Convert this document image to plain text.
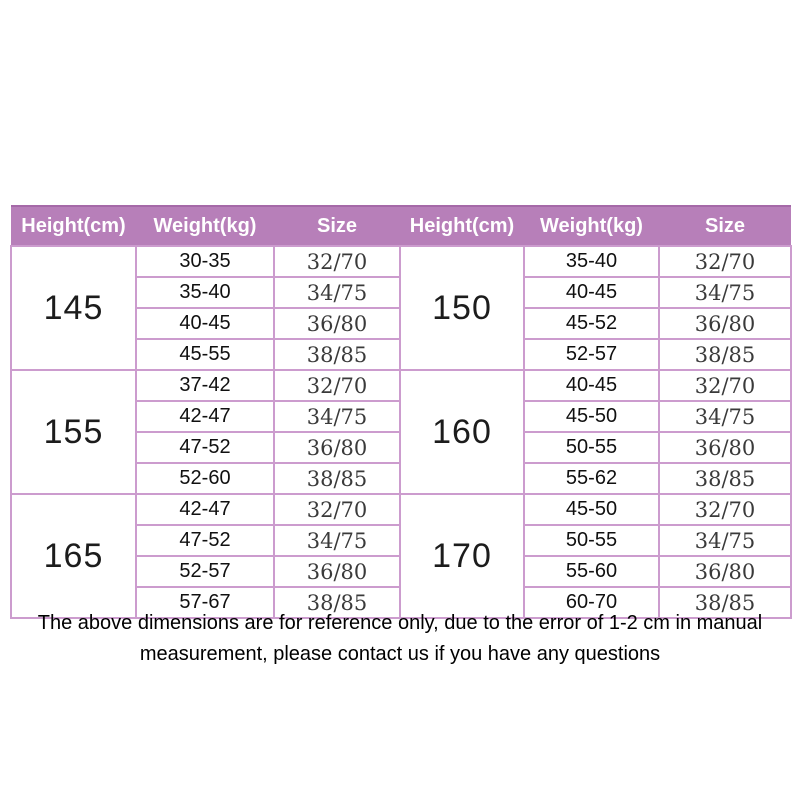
Height(cm)	Weight(kg)	Size	Height(cm)	Weight(kg)	Size
145	30-35	32/70	150	35-40	32/70
	35-40	34/75		40-45	34/75
	40-45	36/80		45-52	36/80
	45-55	38/85		52-57	38/85
155	37-42	32/70	160	40-45	32/70
	42-47	34/75		45-50	34/75
	47-52	36/80		50-55	36/80
	52-60	38/85		55-62	38/85
165	42-47	32/70	170	45-50	32/70
	47-52	34/75		50-55	34/75
	52-57	36/80		55-60	36/80
	57-67	38/85		60-70	38/85
The above dimensions are for reference only, due to the error of 1-2 cm in manual
measurement, please contact us if you have any questions
